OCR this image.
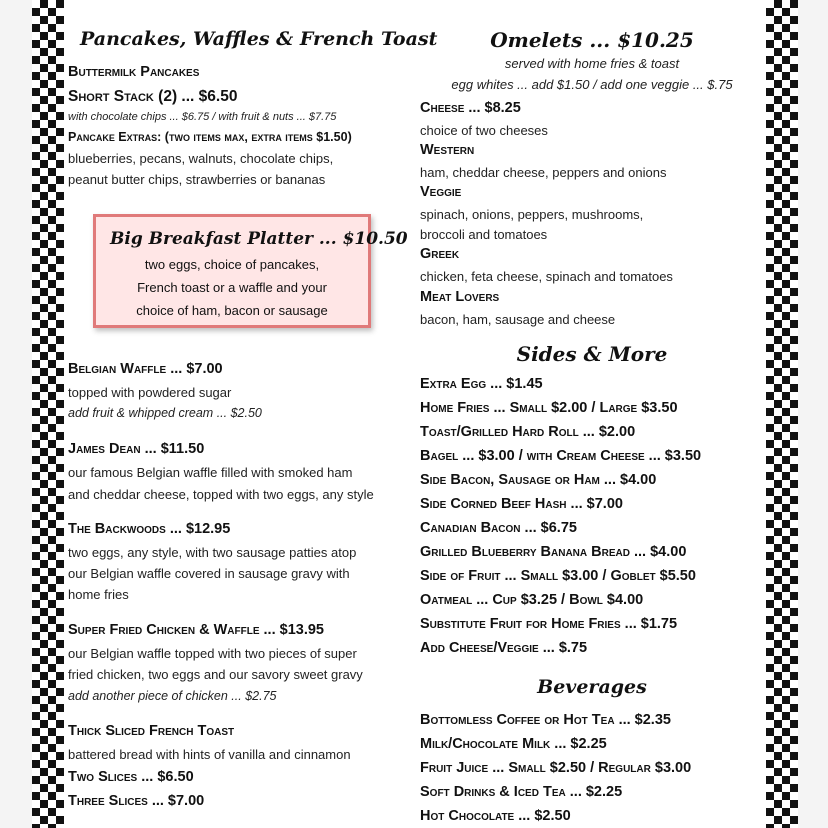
Pancakes, Waffles & French Toast
Buttermilk Pancakes
Short Stack (2) ... $6.50
with chocolate chips ... $6.75 / with fruit & nuts ... $7.75
Pancake Extras: (two items max, extra items $1.50)
blueberries, pecans, walnuts, chocolate chips,
peanut butter chips, strawberries or bananas
Big Breakfast Platter ... $10.50
two eggs, choice of pancakes,
French toast or a waffle and your
choice of ham, bacon or sausage
Belgian Waffle ... $7.00
topped with powdered sugar
add fruit & whipped cream ... $2.50
James Dean ... $11.50
our famous Belgian waffle filled with smoked ham
and cheddar cheese, topped with two eggs, any style
The Backwoods ... $12.95
two eggs, any style, with two sausage patties atop
our Belgian waffle covered in sausage gravy with
home fries
Super Fried Chicken & Waffle ... $13.95
our Belgian waffle topped with two pieces of super
fried chicken, two eggs and our savory sweet gravy
add another piece of chicken ... $2.75
Thick Sliced French Toast
battered bread with hints of vanilla and cinnamon
Two Slices ... $6.50
Three Slices ... $7.00
Omelets ... $10.25
served with home fries & toast
egg whites ... add $1.50 / add one veggie ... $.75
Cheese ... $8.25
choice of two cheeses
Western
ham, cheddar cheese, peppers and onions
Veggie
spinach, onions, peppers, mushrooms,
broccoli and tomatoes
Greek
chicken, feta cheese, spinach and tomatoes
Meat Lovers
bacon, ham, sausage and cheese
Sides & More
Extra Egg ... $1.45
Home Fries ... Small $2.00 / Large $3.50
Toast/Grilled Hard Roll ... $2.00
Bagel ... $3.00 / with Cream Cheese ... $3.50
Side Bacon, Sausage or Ham ... $4.00
Side Corned Beef Hash ... $7.00
Canadian Bacon ... $6.75
Grilled Blueberry Banana Bread ... $4.00
Side of Fruit ... Small $3.00 / Goblet $5.50
Oatmeal ... Cup $3.25 / Bowl $4.00
Substitute Fruit for Home Fries ... $1.75
Add Cheese/Veggie ... $.75
Beverages
Bottomless Coffee or Hot Tea ... $2.35
Milk/Chocolate Milk ... $2.25
Fruit Juice ... Small $2.50 / Regular $3.00
Soft Drinks & Iced Tea ... $2.25
Hot Chocolate ... $2.50
